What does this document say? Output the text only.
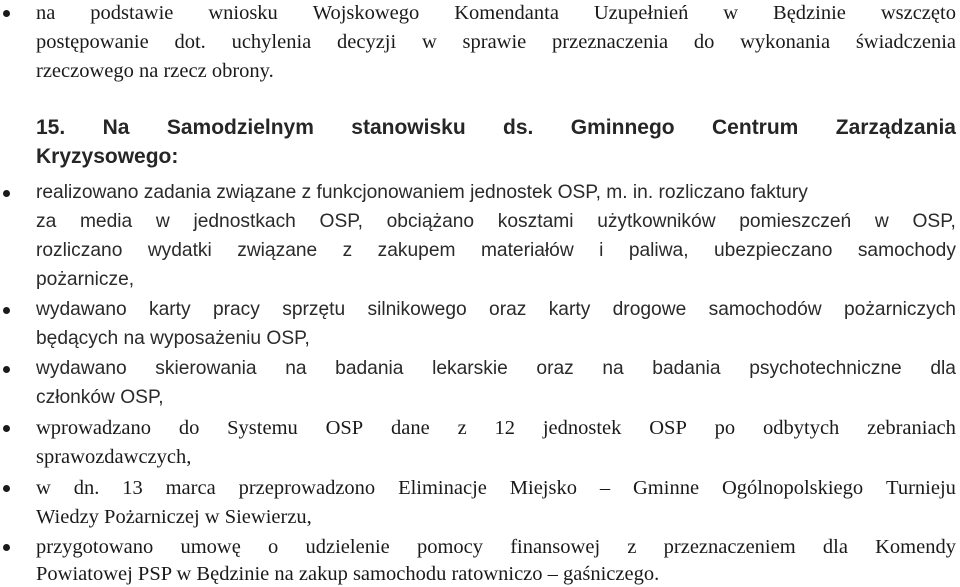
na podstawie wniosku Wojskowego Komendanta Uzupełnień w Będzinie wszczęto
postępowanie dot. uchylenia decyzji w sprawie przeznaczenia do wykonania świadczenia
rzeczowego na rzecz obrony.
15. Na Samodzielnym stanowisku ds. Gminnego Centrum Zarządzania
Kryzysowego:
realizowano zadania związane z funkcjonowaniem jednostek OSP, m. in. rozliczano faktury
za media w jednostkach OSP, obciążano kosztami użytkowników pomieszczeń w OSP,
rozliczano wydatki związane z zakupem materiałów i paliwa, ubezpieczano samochody
pożarnicze,
wydawano karty pracy sprzętu silnikowego oraz karty drogowe samochodów pożarniczych
będących na wyposażeniu OSP,
wydawano skierowania na badania lekarskie oraz na badania psychotechniczne dla
członków OSP,
wprowadzano do Systemu OSP dane z 12 jednostek OSP po odbytych zebraniach
sprawozdawczych,
w dn. 13 marca przeprowadzono Eliminacje Miejsko – Gminne Ogólnopolskiego Turnieju
Wiedzy Pożarniczej w Siewierzu,
przygotowano umowę o udzielenie pomocy finansowej z przeznaczeniem dla Komendy
Powiatowej PSP w Będzinie na zakup samochodu ratowniczo – gaśniczego.
